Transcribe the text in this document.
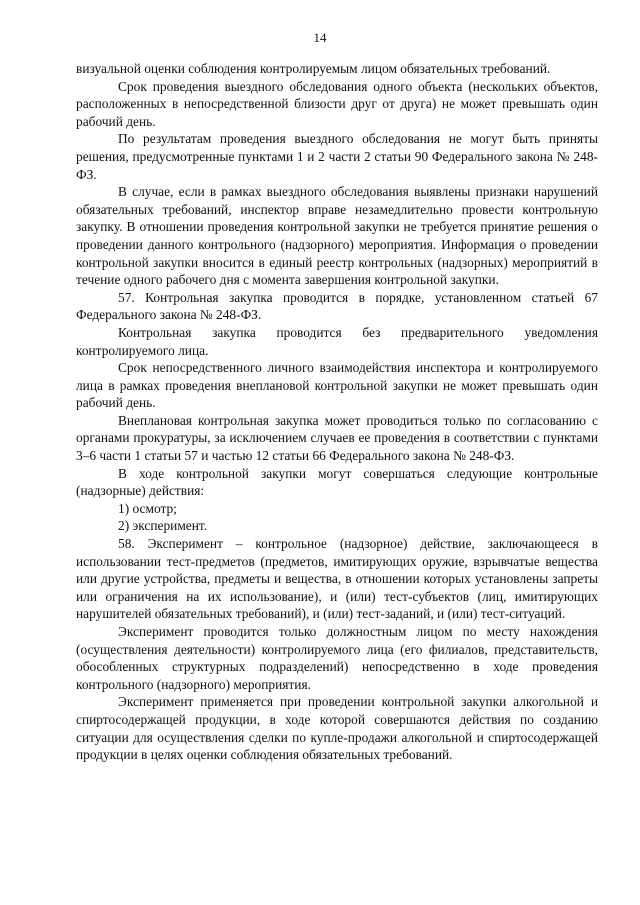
14

визуальной оценки соблюдения контролируемым лицом обязательных требований.

Срок проведения выездного обследования одного объекта (нескольких объектов, расположенных в непосредственной близости друг от друга) не может превышать один рабочий день.

По результатам проведения выездного обследования не могут быть приняты решения, предусмотренные пунктами 1 и 2 части 2 статьи 90 Федерального закона № 248-ФЗ.

В случае, если в рамках выездного обследования выявлены признаки нарушений обязательных требований, инспектор вправе незамедлительно провести контрольную закупку. В отношении проведения контрольной закупки не требуется принятие решения о проведении данного контрольного (надзорного) мероприятия. Информация о проведении контрольной закупки вносится в единый реестр контрольных (надзорных) мероприятий в течение одного рабочего дня с момента завершения контрольной закупки.

57. Контрольная закупка проводится в порядке, установленном статьей 67 Федерального закона № 248-ФЗ.

Контрольная закупка проводится без предварительного уведомления контролируемого лица.

Срок непосредственного личного взаимодействия инспектора и контролируемого лица в рамках проведения внеплановой контрольной закупки не может превышать один рабочий день.

Внеплановая контрольная закупка может проводиться только по согласованию с органами прокуратуры, за исключением случаев ее проведения в соответствии с пунктами 3–6 части 1 статьи 57 и частью 12 статьи 66 Федерального закона № 248-ФЗ.

В ходе контрольной закупки могут совершаться следующие контрольные (надзорные) действия:

1) осмотр;

2) эксперимент.

58. Эксперимент – контрольное (надзорное) действие, заключающееся в использовании тест-предметов (предметов, имитирующих оружие, взрывчатые вещества или другие устройства, предметы и вещества, в отношении которых установлены запреты или ограничения на их использование), и (или) тест-субъектов (лиц, имитирующих нарушителей обязательных требований), и (или) тест-заданий, и (или) тест-ситуаций.

Эксперимент проводится только должностным лицом по месту нахождения (осуществления деятельности) контролируемого лица (его филиалов, представительств, обособленных структурных подразделений) непосредственно в ходе проведения контрольного (надзорного) мероприятия.

Эксперимент применяется при проведении контрольной закупки алкогольной и спиртосодержащей продукции, в ходе которой совершаются действия по созданию ситуации для осуществления сделки по купле-продажи алкогольной и спиртосодержащей продукции в целях оценки соблюдения обязательных требований.
